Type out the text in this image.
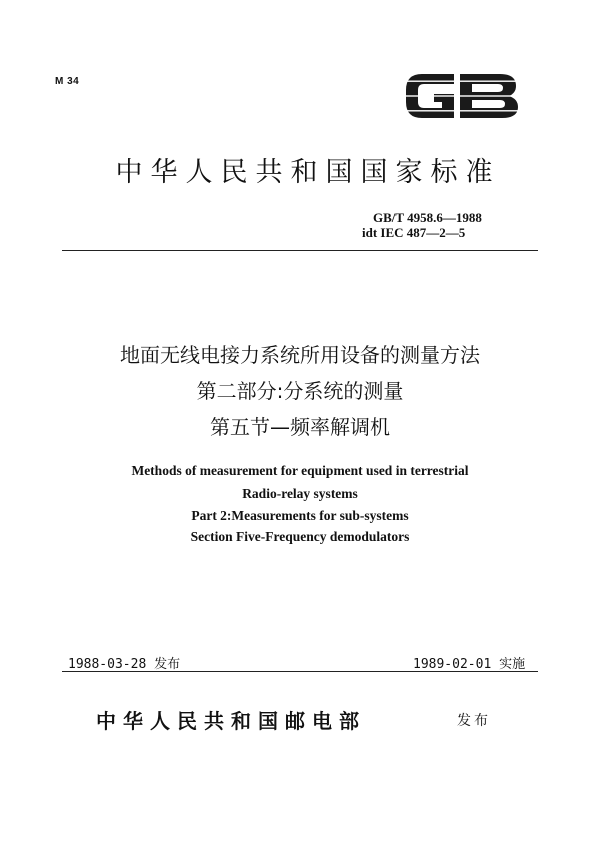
M 34
中华人民共和国国家标准
GB/T 4958.6—1988
idt IEC 487—2—5
地面无线电接力系统所用设备的测量方法
第二部分:分系统的测量
第五节—频率解调机
Methods of measurement for equipment used in terrestrial
Radio-relay systems
Part 2:Measurements for sub-systems
Section Five-Frequency demodulators
1988-03-28 发布	1989-02-01 实施
中华人民共和国邮电部	发布
